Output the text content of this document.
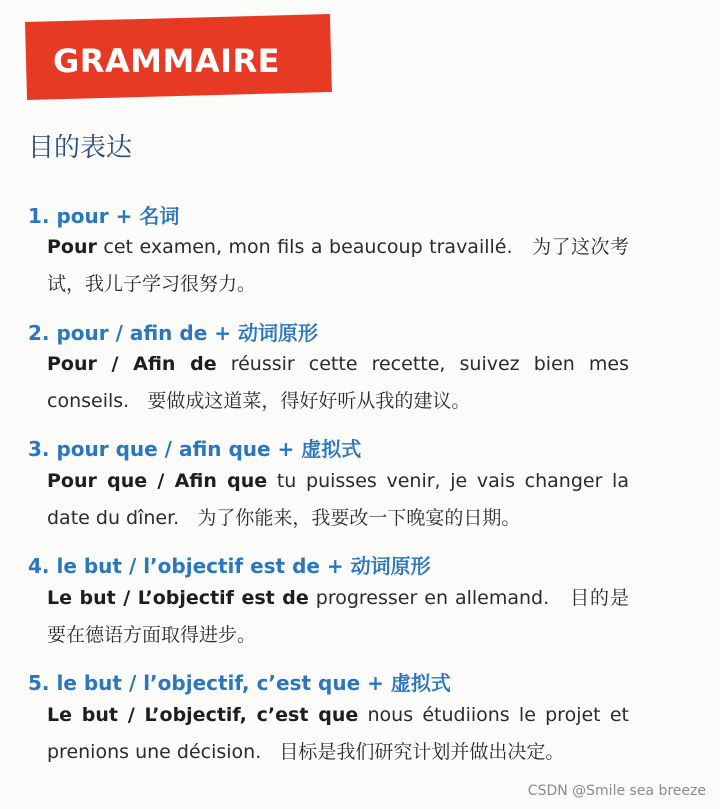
GRAMMAIRE
目的表达
1. pour + 名词
Pour cet examen, mon fils a beaucoup travaillé. 为了这次考试，我儿子学习很努力。
2. pour / afin de + 动词原形
Pour / Afin de réussir cette recette, suivez bien mes conseils. 要做成这道菜，得好好听从我的建议。
3. pour que / afin que + 虚拟式
Pour que / Afin que tu puisses venir, je vais changer la date du dîner. 为了你能来，我要改一下晚宴的日期。
4. le but / l’objectif est de + 动词原形
Le but / L’objectif est de progresser en allemand. 目的是要在德语方面取得进步。
5. le but / l’objectif, c’est que + 虚拟式
Le but / L’objectif, c’est que nous étudiions le projet et prenions une décision. 目标是我们研究计划并做出决定。
CSDN @Smile sea breeze
